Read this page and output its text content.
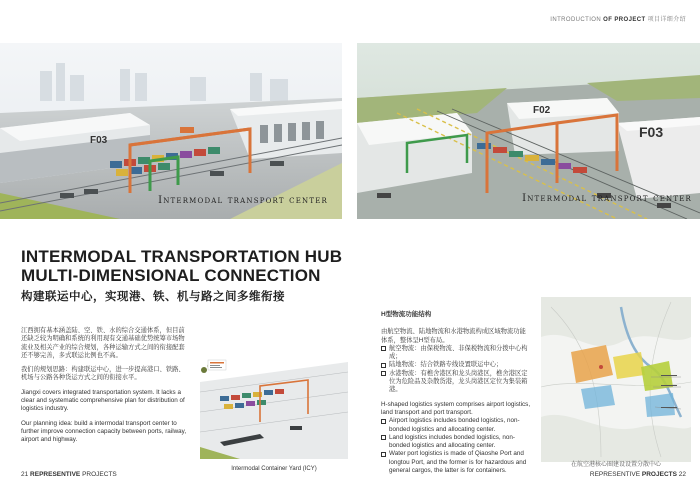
INTRODUCTION OF PROJECT 项目详细介绍
F03
Intermodal transport center
F02
F03
Intermodal transport center
INTERMODAL TRANSPORTATION HUB
MULTI-DIMENSIONAL CONNECTION
构建联运中心，实现港、铁、机与路之间多维衔接

江西拥有基本涵盖陆、空、铁、水的综合交通体系，但目前还缺乏较为明确和系统的利用现有交通基础优势统筹市场物流业及相关产业的综合规划，各种运输方式之间的衔接配套还不够完善，多式联运比例也不高。

我们的规划思路：构建联运中心，进一步提高港口、铁路、机场与公路各种货运方式之间的衔接水平。

Jiangxi covers integrated transportation system. It lacks a clear and systematic comprehensive plan for distribution of logistics industry.

Our planning idea: build a intermodal transport center to further improve connection capacity between ports, railway, airport and highway.

Intermodal Container Yard (ICY)
H型物流功能结构

由航空物流、陆地物流和水港物流构成区域物流功能体系，整体呈H型布局。

航空物流：由保税物流、非保税物流和分拨中心构成；
陆地物流：结合铁路专线设置联运中心；
水港物流：有樵舍港区和龙头岗港区，樵舍港区定位为危险品及杂散货港，龙头岗港区定位为集装箱港。

H-shaped logistics system comprises airport logistics, land transport and port transport.

Airport logistics includes bonded logistics, non-bonded logistics and allocating center.
Land logistics includes bonded logistics, non-bonded logistics and allocating center.
Water port logistics is made of Qiaoshe Port and longtou Port, and the former is for hazardous and general cargos, the latter is for containers.
在航空港核心圈建设设置分散中心
21 REPRESENTIVE PROJECTS	REPRESENTIVE PROJECTS 22
